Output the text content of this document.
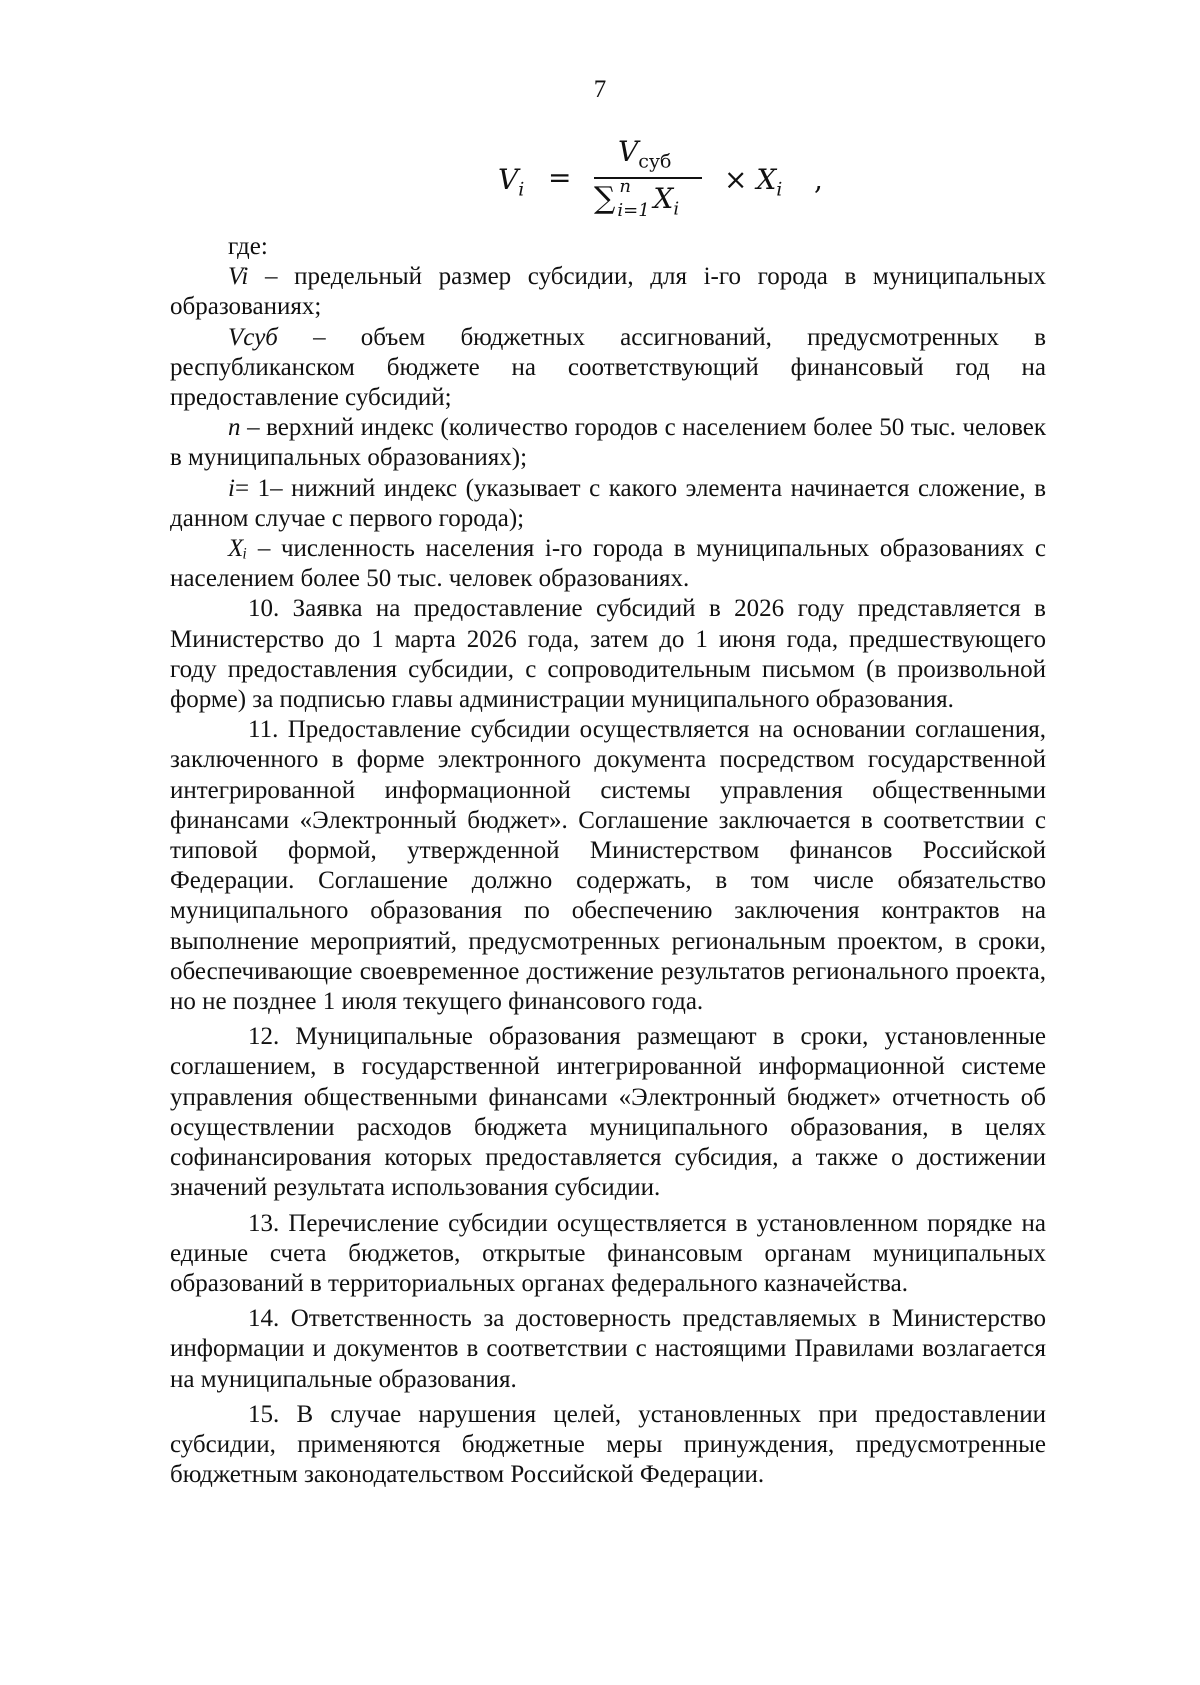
7
$V_i$ =
$V_{суб}$
∑ n
i=1 $X_i$
× $X_i$ ,

где:

Vi – предельный размер субсидии, для i-го города в муниципальных образованиях;

Vсуб – объем бюджетных ассигнований, предусмотренных в республиканском бюджете на соответствующий финансовый год на предоставление субсидий;

n – верхний индекс (количество городов с населением более 50 тыс. человек в муниципальных образованиях);

i= 1– нижний индекс (указывает с какого элемента начинается сложение, в данном случае с первого города);

Xᵢ – численность населения i-го города в муниципальных образованиях с населением более 50 тыс. человек образованиях.

10. Заявка на предоставление субсидий в 2026 году представляется в Министерство до 1 марта 2026 года, затем до 1 июня года, предшествующего году предоставления субсидии, с сопроводительным письмом (в произвольной форме) за подписью главы администрации муниципального образования.

11. Предоставление субсидии осуществляется на основании соглашения, заключенного в форме электронного документа посредством государственной интегрированной информационной системы управления общественными финансами «Электронный бюджет». Соглашение заключается в соответствии с типовой формой, утвержденной Министерством финансов Российской Федерации. Соглашение должно содержать, в том числе обязательство муниципального образования по обеспечению заключения контрактов на выполнение мероприятий, предусмотренных региональным проектом, в сроки, обеспечивающие своевременное достижение результатов регионального проекта, но не позднее 1 июля текущего финансового года.

12. Муниципальные образования размещают в сроки, установленные соглашением, в государственной интегрированной информационной системе управления общественными финансами «Электронный бюджет» отчетность об осуществлении расходов бюджета муниципального образования, в целях софинансирования которых предоставляется субсидия, а также о достижении значений результата использования субсидии.

13. Перечисление субсидии осуществляется в установленном порядке на единые счета бюджетов, открытые финансовым органам муниципальных образований в территориальных органах федерального казначейства.

14. Ответственность за достоверность представляемых в Министерство информации и документов в соответствии с настоящими Правилами возлагается на муниципальные образования.

15. В случае нарушения целей, установленных при предоставлении субсидии, применяются бюджетные меры принуждения, предусмотренные бюджетным законодательством Российской Федерации.
